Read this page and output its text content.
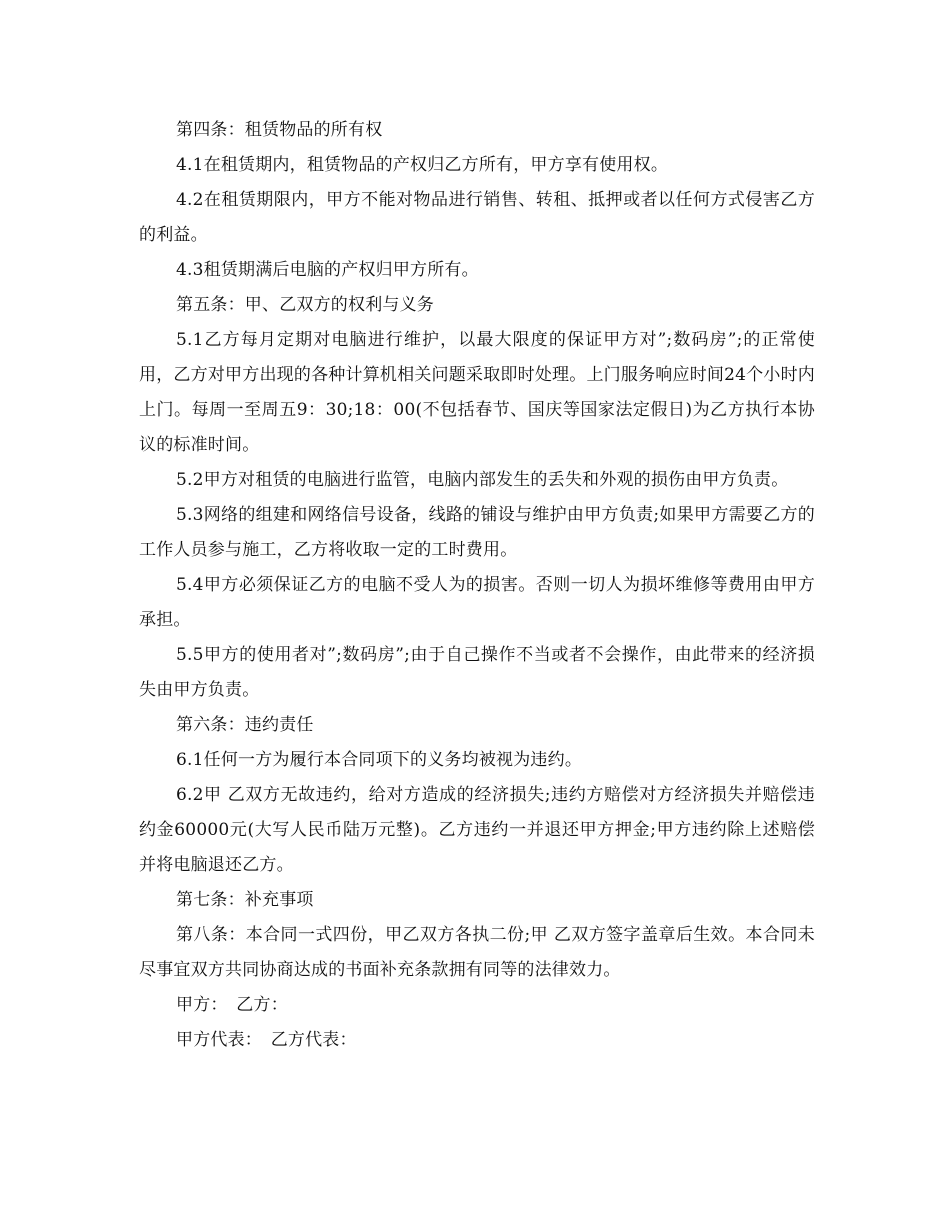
第四条：租赁物品的所有权

4.1在租赁期内，租赁物品的产权归乙方所有，甲方享有使用权。

4.2在租赁期限内，甲方不能对物品进行销售、转租、抵押或者以任何方式侵害乙方的利益。

4.3租赁期满后电脑的产权归甲方所有。

第五条：甲、乙双方的权利与义务

5.1乙方每月定期对电脑进行维护，以最大限度的保证甲方对”;数码房”;的正常使用，乙方对甲方出现的各种计算机相关问题采取即时处理。上门服务响应时间24个小时内上门。每周一至周五9：30;18：00(不包括春节、国庆等国家法定假日)为乙方执行本协议的标准时间。

5.2甲方对租赁的电脑进行监管，电脑内部发生的丢失和外观的损伤由甲方负责。

5.3网络的组建和网络信号设备，线路的铺设与维护由甲方负责;如果甲方需要乙方的工作人员参与施工，乙方将收取一定的工时费用。

5.4甲方必须保证乙方的电脑不受人为的损害。否则一切人为损坏维修等费用由甲方承担。

5.5甲方的使用者对”;数码房”;由于自己操作不当或者不会操作，由此带来的经济损失由甲方负责。

第六条：违约责任

6.1任何一方为履行本合同项下的义务均被视为违约。

6.2甲 乙双方无故违约，给对方造成的经济损失;违约方赔偿对方经济损失并赔偿违约金60000元(大写人民币陆万元整)。乙方违约一并退还甲方押金;甲方违约除上述赔偿并将电脑退还乙方。

第七条：补充事项

第八条：本合同一式四份，甲乙双方各执二份;甲 乙双方签字盖章后生效。本合同未尽事宜双方共同协商达成的书面补充条款拥有同等的法律效力。

甲方：　乙方：

甲方代表：　乙方代表：
